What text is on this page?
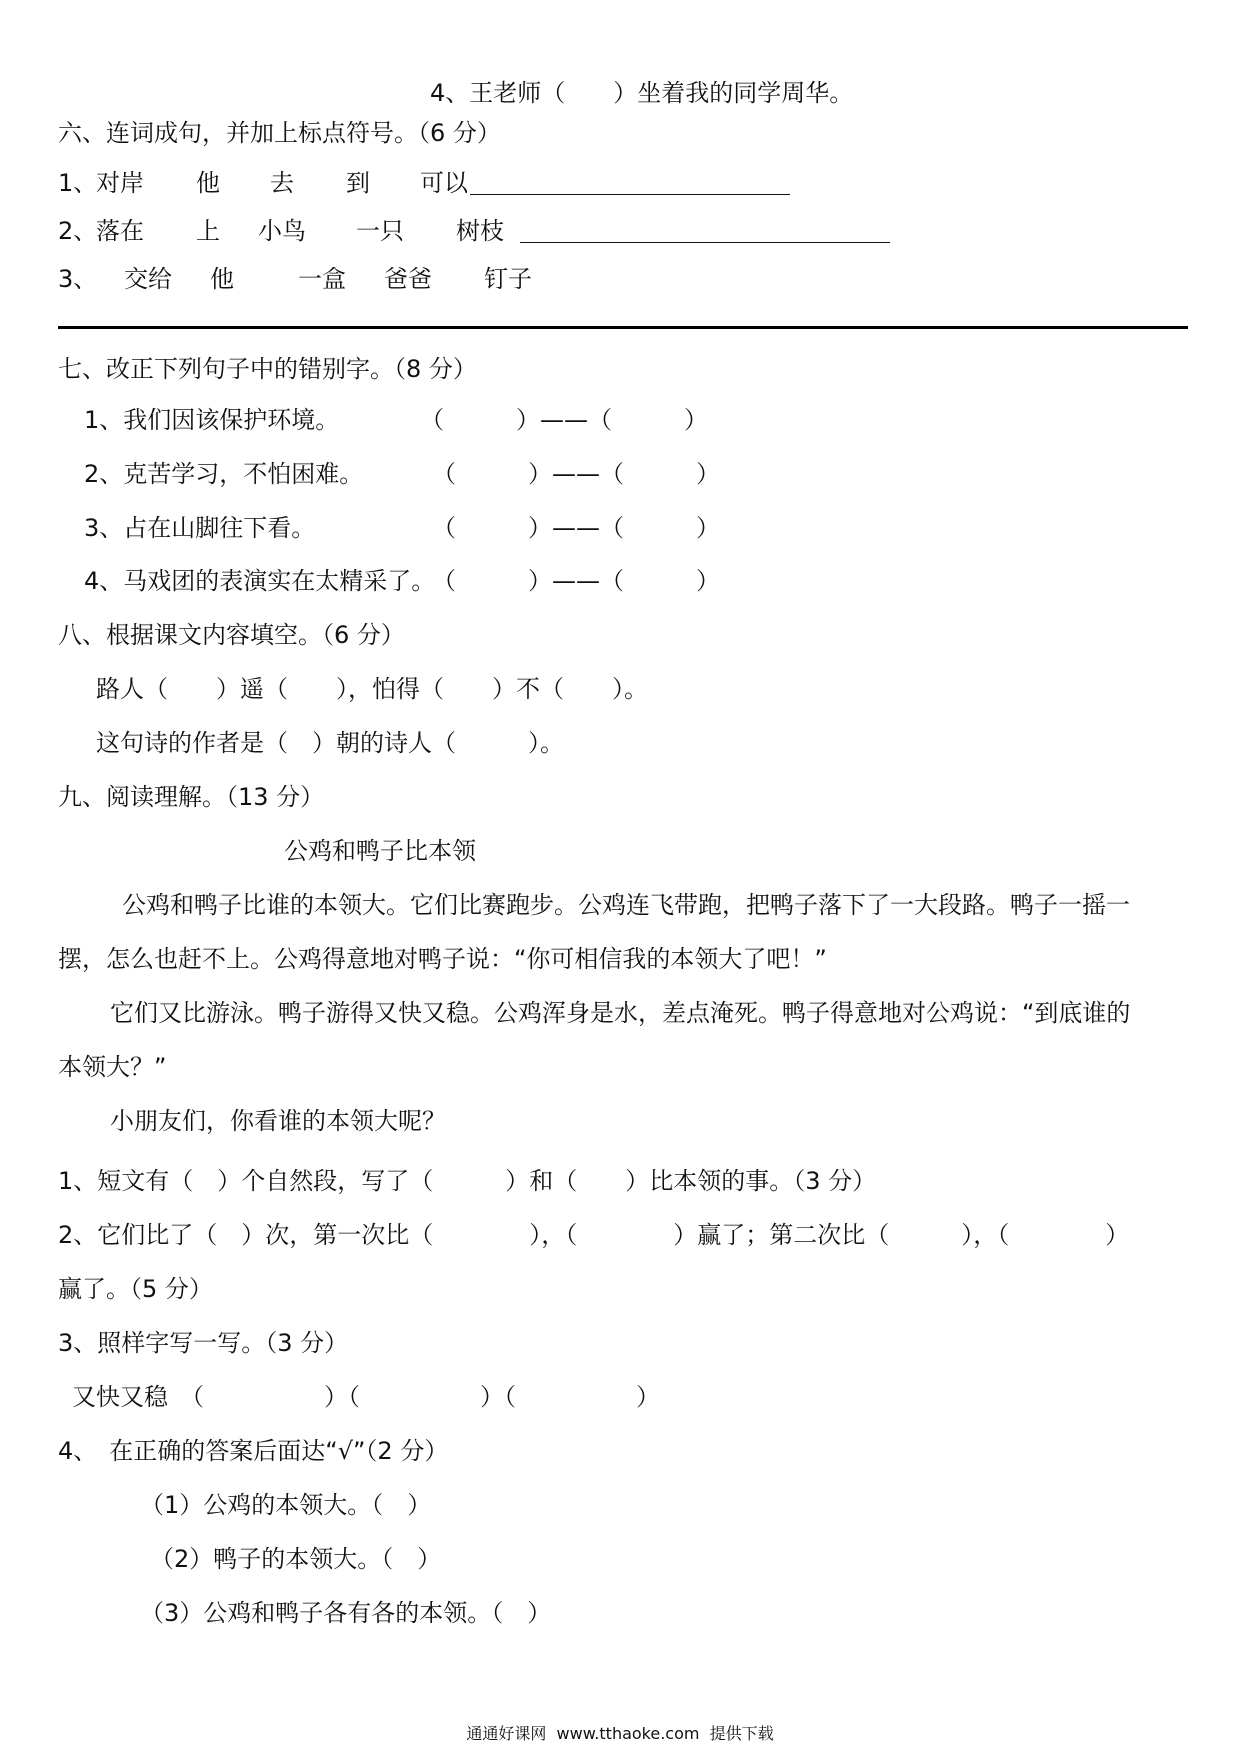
4、王老师（　　）坐着我的同学周华。
六、连词成句，并加上标点符号。（6 分）
1、
对岸 他 去 到 可以
2、
落在 上 小鸟 一只 树枝
3、 交给 他	一盒 爸爸 钉子
七、改正下列句子中的错别字。（8 分）
1、我们因该保护环境。	（　　　）——（　　　）
2、克苦学习，不怕困难。	（　　　）——（　　　）
3、占在山脚往下看。	（　　　）——（　　　）
4、马戏团的表演实在太精采了。
（　　　）——（　　　）
八、根据课文内容填空。（6 分）
路人（　　）遥（　　），怕得（　　）不（　　）。
这句诗的作者是（　）朝的诗人（　　　）。
九、阅读理解。（13 分）
公鸡和鸭子比本领
公鸡和鸭子比谁的本领大。它们比赛跑步。公鸡连飞带跑，把鸭子落下了一大段路。鸭子一摇一
摆，怎么也赶不上。公鸡得意地对鸭子说：“你可相信我的本领大了吧！”
它们又比游泳。鸭子游得又快又稳。公鸡浑身是水，差点淹死。鸭子得意地对公鸡说：“到底谁的
本领大？”
小朋友们，你看谁的本领大呢？
1、短文有（　）个自然段，写了（　　　）和（　　）比本领的事。（3 分）
2、它们比了（　）次，第一次比（　　　　），（　　　　）赢了；第二次比（　　　），（　　　　）
赢了。（5 分）
3、照样字写一写。（3 分）
又快又稳　（　　　　　）（　　　　　）（　　　　　）
4、　在正确的答案后面达“√”（2 分）
（1）公鸡的本领大。（　）
（2）鸭子的本领大。（　）
（3）公鸡和鸭子各有各的本领。（　）
通通好课网 www.tthaoke.com 提供下载
